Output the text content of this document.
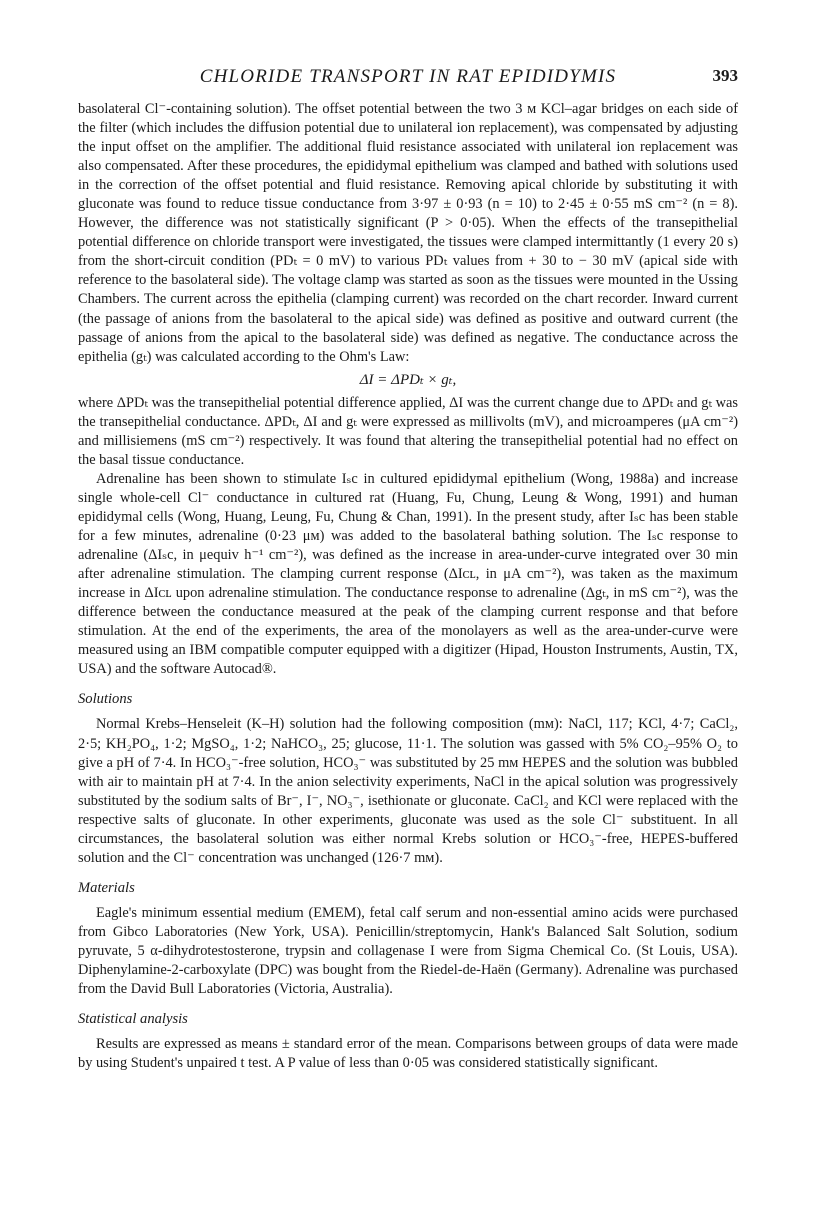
CHLORIDE TRANSPORT IN RAT EPIDIDYMIS	393

basolateral Cl⁻-containing solution). The offset potential between the two 3 ᴍ KCl–agar bridges on each side of the filter (which includes the diffusion potential due to unilateral ion replacement), was compensated by adjusting the input offset on the amplifier. The additional fluid resistance associated with unilateral ion replacement was also compensated. After these procedures, the epididymal epithelium was clamped and bathed with solutions used in the correction of the offset potential and fluid resistance. Removing apical chloride by substituting it with gluconate was found to reduce tissue conductance from 3·97 ± 0·93 (n = 10) to 2·45 ± 0·55 mS cm⁻² (n = 8). However, the difference was not statistically significant (P > 0·05). When the effects of the transepithelial potential difference on chloride transport were investigated, the tissues were clamped intermittantly (1 every 20 s) from the short-circuit condition (PDₜ = 0 mV) to various PDₜ values from + 30 to − 30 mV (apical side with reference to the basolateral side). The voltage clamp was started as soon as the tissues were mounted in the Ussing Chambers. The current across the epithelia (clamping current) was recorded on the chart recorder. Inward current (the passage of anions from the basolateral to the apical side) was defined as positive and outward current (the passage of anions from the apical to the basolateral side) was defined as negative. The conductance across the epithelia (gₜ) was calculated according to the Ohm's Law:

ΔI = ΔPDₜ × gₜ,

where ΔPDₜ was the transepithelial potential difference applied, ΔI was the current change due to ΔPDₜ and gₜ was the transepithelial conductance. ΔPDₜ, ΔI and gₜ were expressed as millivolts (mV), and microamperes (μA cm⁻²) and millisiemens (mS cm⁻²) respectively. It was found that altering the transepithelial potential had no effect on the basal tissue conductance.

Adrenaline has been shown to stimulate Iₛc in cultured epididymal epithelium (Wong, 1988a) and increase single whole-cell Cl⁻ conductance in cultured rat (Huang, Fu, Chung, Leung & Wong, 1991) and human epididymal cells (Wong, Huang, Leung, Fu, Chung & Chan, 1991). In the present study, after Iₛc has been stable for a few minutes, adrenaline (0·23 μᴍ) was added to the basolateral bathing solution. The Iₛc response to adrenaline (ΔIₛc, in μequiv h⁻¹ cm⁻²), was defined as the increase in area-under-curve integrated over 30 min after adrenaline stimulation. The clamping current response (ΔIᴄʟ, in μA cm⁻²), was taken as the maximum increase in ΔIᴄʟ upon adrenaline stimulation. The conductance response to adrenaline (Δgₜ, in mS cm⁻²), was the difference between the conductance measured at the peak of the clamping current response and that before stimulation. At the end of the experiments, the area of the monolayers as well as the area-under-curve were measured using an IBM compatible computer equipped with a digitizer (Hipad, Houston Instruments, Austin, TX, USA) and the software Autocad®.

Solutions

Normal Krebs–Henseleit (K–H) solution had the following composition (mᴍ): NaCl, 117; KCl, 4·7; CaCl₂, 2·5; KH₂PO₄, 1·2; MgSO₄, 1·2; NaHCO₃, 25; glucose, 11·1. The solution was gassed with 5% CO₂–95% O₂ to give a pH of 7·4. In HCO₃⁻-free solution, HCO₃⁻ was substituted by 25 mᴍ HEPES and the solution was bubbled with air to maintain pH at 7·4. In the anion selectivity experiments, NaCl in the apical solution was progressively substituted by the sodium salts of Br⁻, I⁻, NO₃⁻, isethionate or gluconate. CaCl₂ and KCl were replaced with the respective salts of gluconate. In other experiments, gluconate was used as the sole Cl⁻ substituent. In all circumstances, the basolateral solution was either normal Krebs solution or HCO₃⁻-free, HEPES-buffered solution and the Cl⁻ concentration was unchanged (126·7 mᴍ).

Materials

Eagle's minimum essential medium (EMEM), fetal calf serum and non-essential amino acids were purchased from Gibco Laboratories (New York, USA). Penicillin/streptomycin, Hank's Balanced Salt Solution, sodium pyruvate, 5 α-dihydrotestosterone, trypsin and collagenase I were from Sigma Chemical Co. (St Louis, USA). Diphenylamine-2-carboxylate (DPC) was bought from the Riedel-de-Haën (Germany). Adrenaline was purchased from the David Bull Laboratories (Victoria, Australia).

Statistical analysis

Results are expressed as means ± standard error of the mean. Comparisons between groups of data were made by using Student's unpaired t test. A P value of less than 0·05 was considered statistically significant.
